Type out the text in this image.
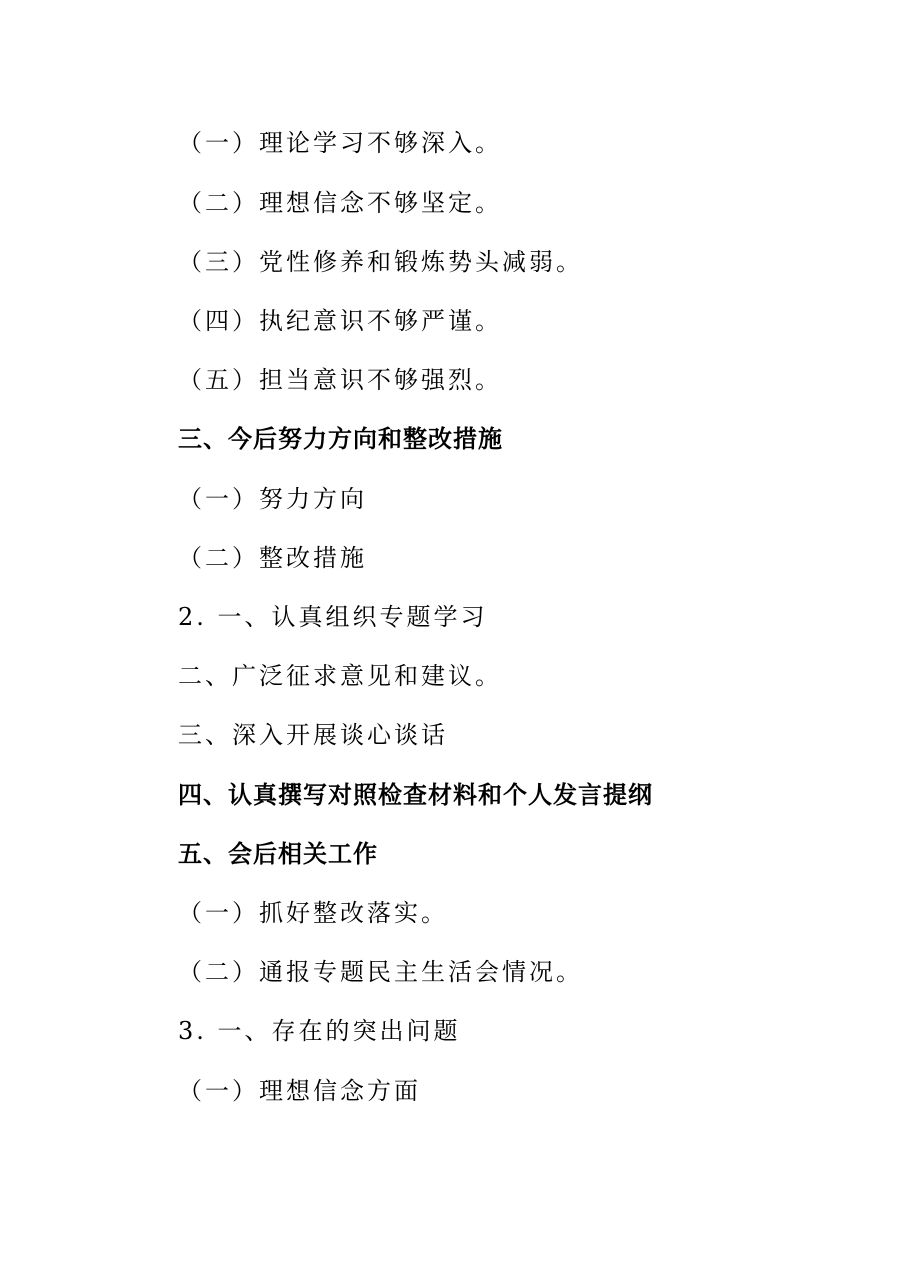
（一）理论学习不够深入。
（二）理想信念不够坚定。
（三）党性修养和锻炼势头减弱。
（四）执纪意识不够严谨。
（五）担当意识不够强烈。
三、今后努力方向和整改措施
（一）努力方向
（二）整改措施
2. 一、认真组织专题学习
二、广泛征求意见和建议。
三、深入开展谈心谈话
四、认真撰写对照检查材料和个人发言提纲
五、会后相关工作
（一）抓好整改落实。
（二）通报专题民主生活会情况。
3. 一、存在的突出问题
（一）理想信念方面
